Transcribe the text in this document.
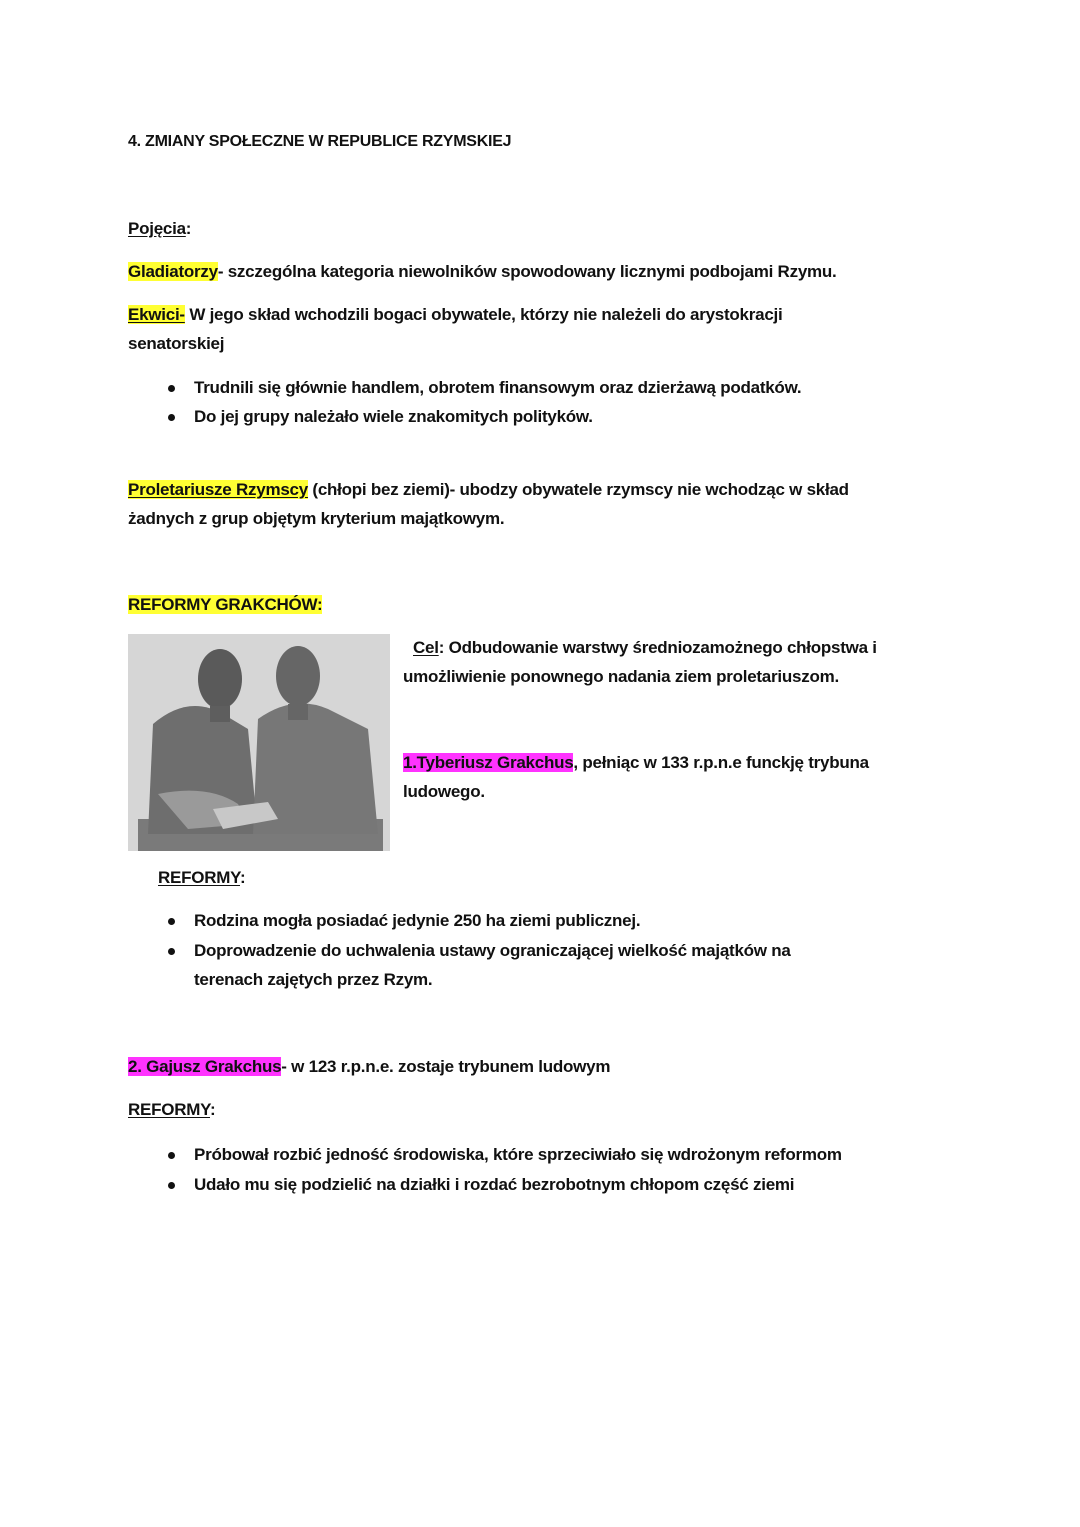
4. ZMIANY SPOŁECZNE W REPUBLICE RZYMSKIEJ
Pojęcia:
Gladiatorzy- szczególna kategoria niewolników spowodowany licznymi podbojami Rzymu.
Ekwici- W jego skład wchodzili bogaci obywatele, którzy nie należeli do arystokracji
senatorskiej
Trudnili się głównie handlem, obrotem finansowym oraz dzierżawą podatków.
Do jej grupy należało wiele znakomitych polityków.
Proletariusze Rzymscy (chłopi bez ziemi)- ubodzy obywatele rzymscy nie wchodząc w skład
żadnych z grup objętym kryterium majątkowym.
REFORMY GRAKCHÓW:
Cel: Odbudowanie warstwy średniozamożnego chłopstwa i
umożliwienie ponownego nadania ziem proletariuszom.
1.Tyberiusz Grakchus, pełniąc w 133 r.p.n.e funckję trybuna
ludowego.
REFORMY:
Rodzina mogła posiadać jedynie 250 ha ziemi publicznej.
Doprowadzenie do uchwalenia ustawy ograniczającej wielkość majątków na
terenach zajętych przez Rzym.
2. Gajusz Grakchus- w 123 r.p.n.e. zostaje trybunem ludowym
REFORMY:
Próbował rozbić jedność środowiska, które sprzeciwiało się wdrożonym reformom
Udało mu się podzielić na działki i rozdać bezrobotnym chłopom część ziemi
